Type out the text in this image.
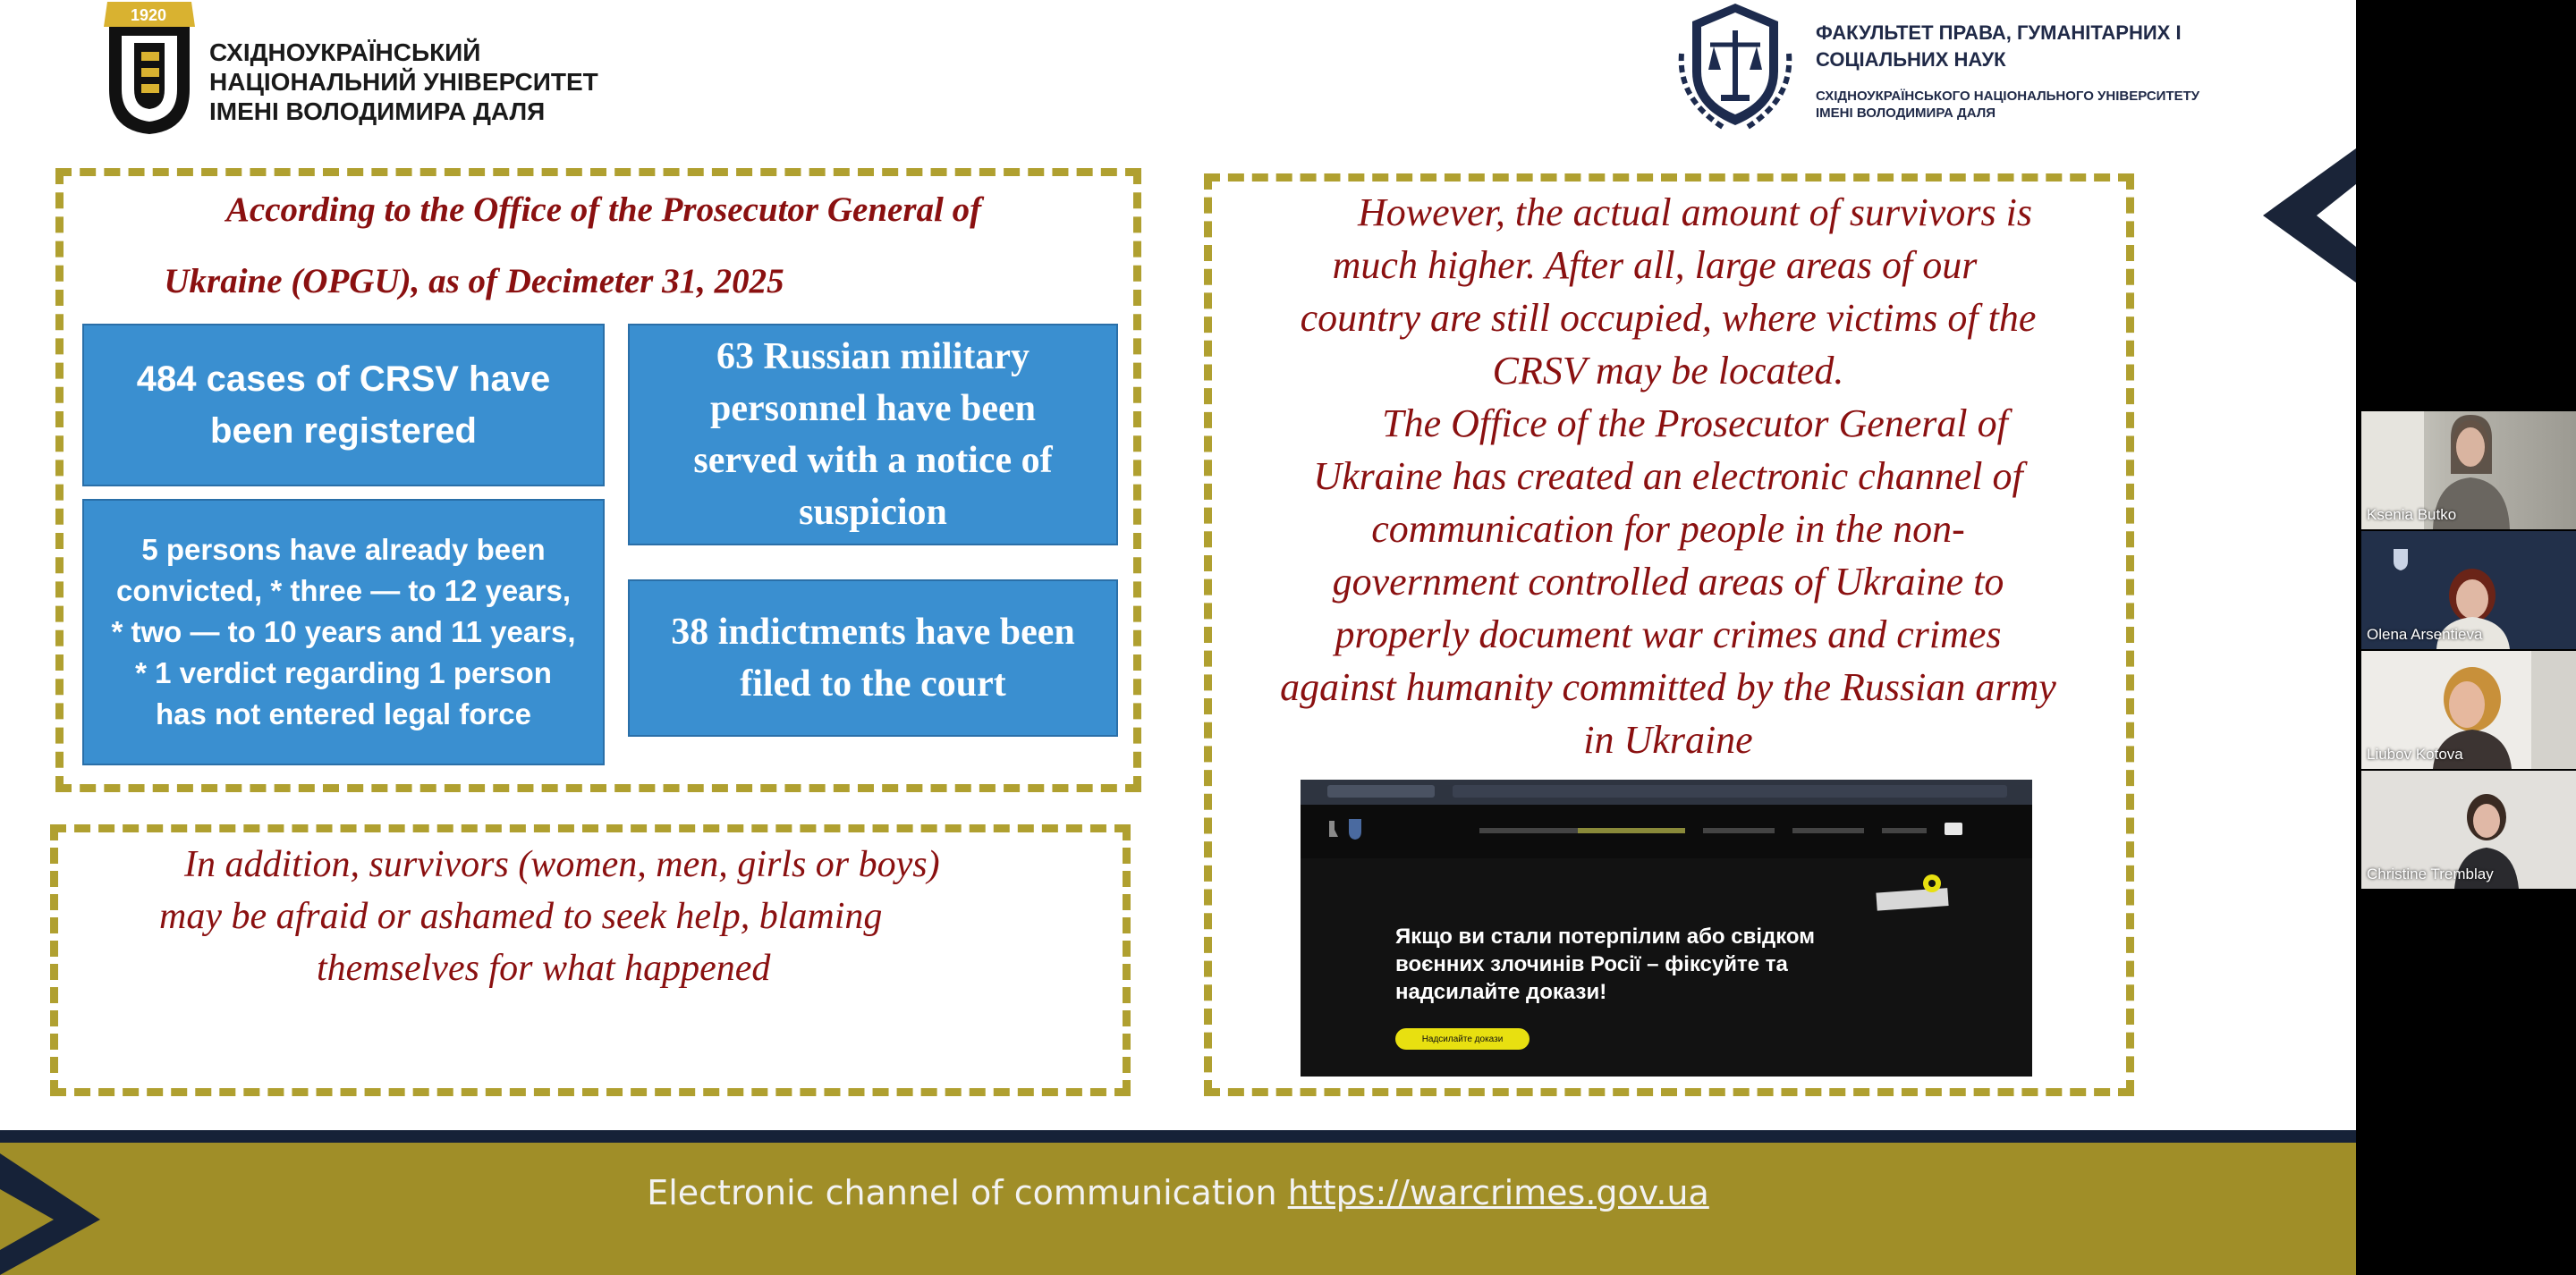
1920
СХІДНОУКРАЇНСЬКИЙ
НАЦІОНАЛЬНИЙ УНІВЕРСИТЕТ
ІМЕНІ ВОЛОДИМИРА ДАЛЯ
ФАКУЛЬТЕТ ПРАВА, ГУМАНІТАРНИХ І
СОЦІАЛЬНИХ НАУК
СХІДНОУКРАЇНСЬКОГО НАЦІОНАЛЬНОГО УНІВЕРСИТЕТУ
ІМЕНІ ВОЛОДИМИРА ДАЛЯ
According to the Office of the Prosecutor General of
Ukraine (OPGU), as of Decimeter 31, 2025
484 cases of CRSV have been registered
5 persons have already been convicted, * three — to 12 years, * two — to 10 years and 11 years, * 1 verdict regarding 1 person has not entered legal force
63 Russian military personnel have been served with a notice of suspicion
38 indictments have been filed to the court
In addition, survivors (women, men, girls or boys)
may be afraid or ashamed to seek help, blaming
themselves for what happened
However, the actual amount of survivors is
much higher. After all, large areas of our
country are still occupied, where victims of the
CRSV may be located.
The Office of the Prosecutor General of
Ukraine has created an electronic channel of
communication for people in the non-
government controlled areas of Ukraine to
properly document war crimes and crimes
against humanity committed by the Russian army
in Ukraine
Якщо ви стали потерпілим або свідком
воєнних злочинів Росії – фіксуйте та
надсилайте докази!
Надсилайте докази
Electronic channel of communication https://warcrimes.gov.ua
Ksenia Butko
Olena Arsentieva
Liubov Kotova
Christine Tremblay
